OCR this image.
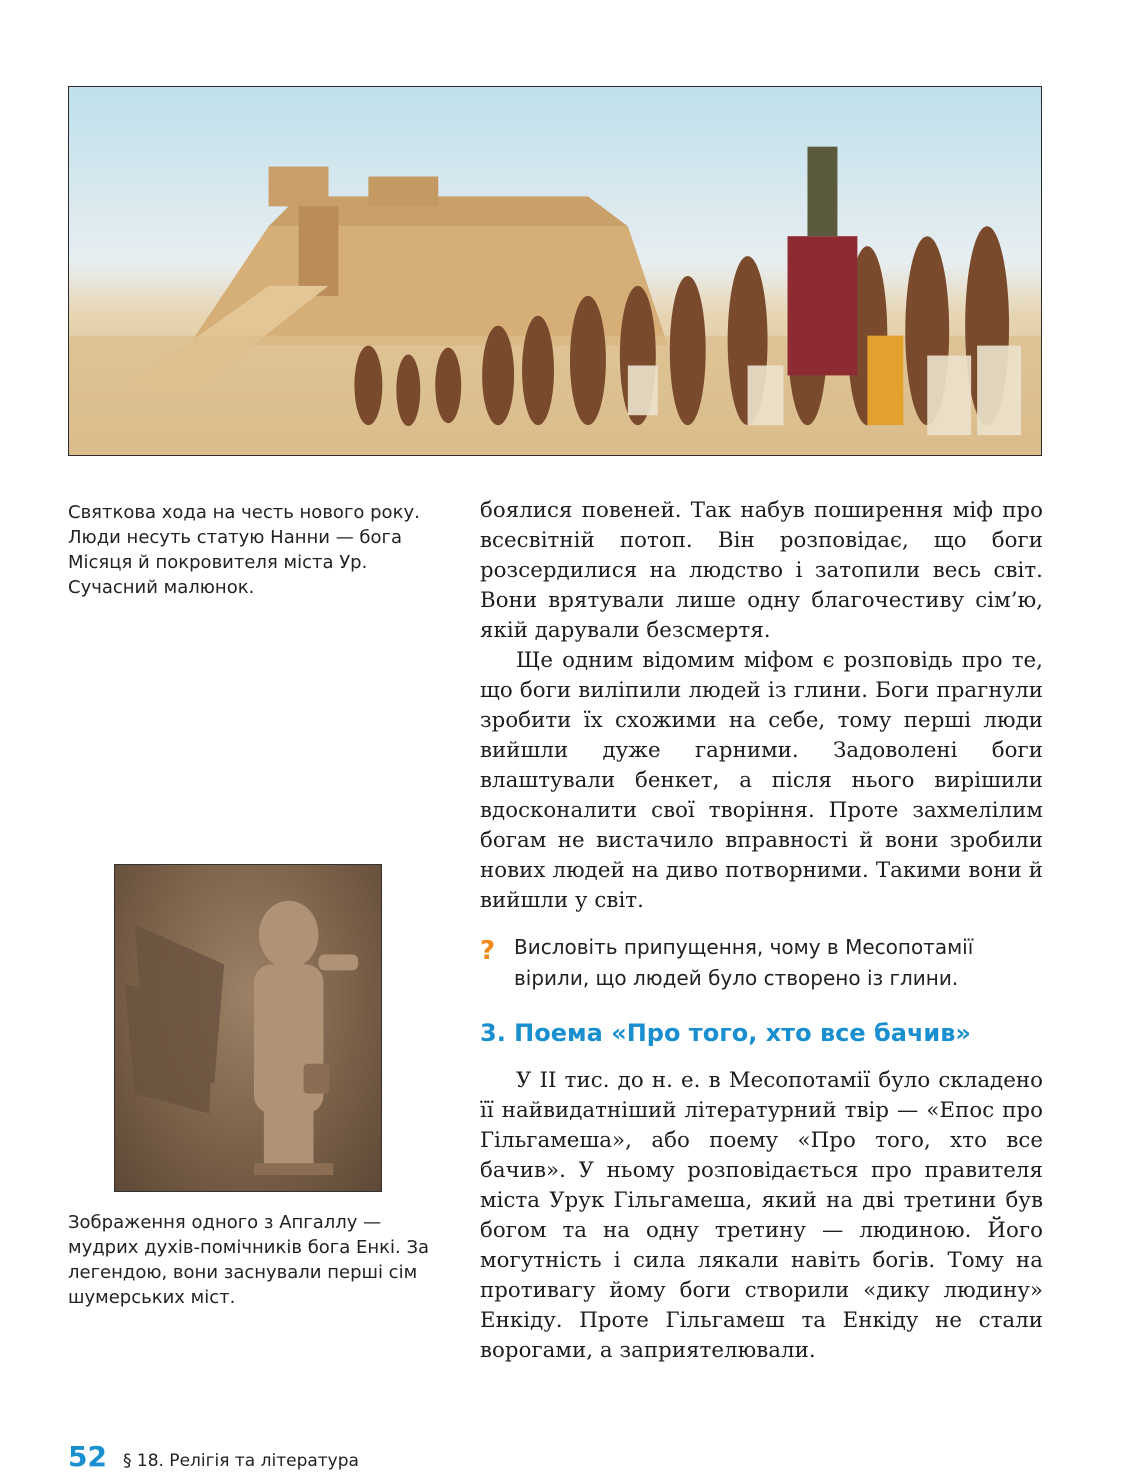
Святкова хода на честь нового року. Люди несуть статую Нанни — бога Місяця й покровителя міста Ур. Сучасний малюнок.

боялися повеней. Так набув поширення міф про всесвітній потоп. Він розповідає, що боги розсердилися на людство і затопили весь світ. Вони врятували лише одну благочестиву сім’ю, якій дарували безсмертя.

Ще одним відомим міфом є розповідь про те, що боги виліпили людей із глини. Боги прагнули зробити їх схожими на себе, тому перші люди вийшли дуже гарними. Задоволені боги влаштували бенкет, а після нього вирішили вдосконалити свої творіння. Проте захмелілим богам не вистачило вправності й вони зробили нових людей на диво потворними. Такими вони й вийшли у світ.

Зображення одного з Апгаллу — мудрих духів-помічників бога Енкі. За легендою, вони заснували перші сім шумерських міст.

? Висловіть припущення, чому в Месопотамії вірили, що людей було створено із глини.

3. Поема «Про того, хто все бачив»

У ІІ тис. до н. е. в Месопотамії було складено її найвидатніший літературний твір — «Епос про Гільгамеша», або поему «Про того, хто все бачив». У ньому розповідається про правителя міста Урук Гільгамеша, який на дві третини був богом та на одну третину — людиною. Його могутність і сила лякали навіть богів. Тому на противагу йому боги створили «дику людину» Енкіду. Проте Гільгамеш та Енкіду не стали ворогами, а заприятелювали.

52 § 18. Релігія та література
